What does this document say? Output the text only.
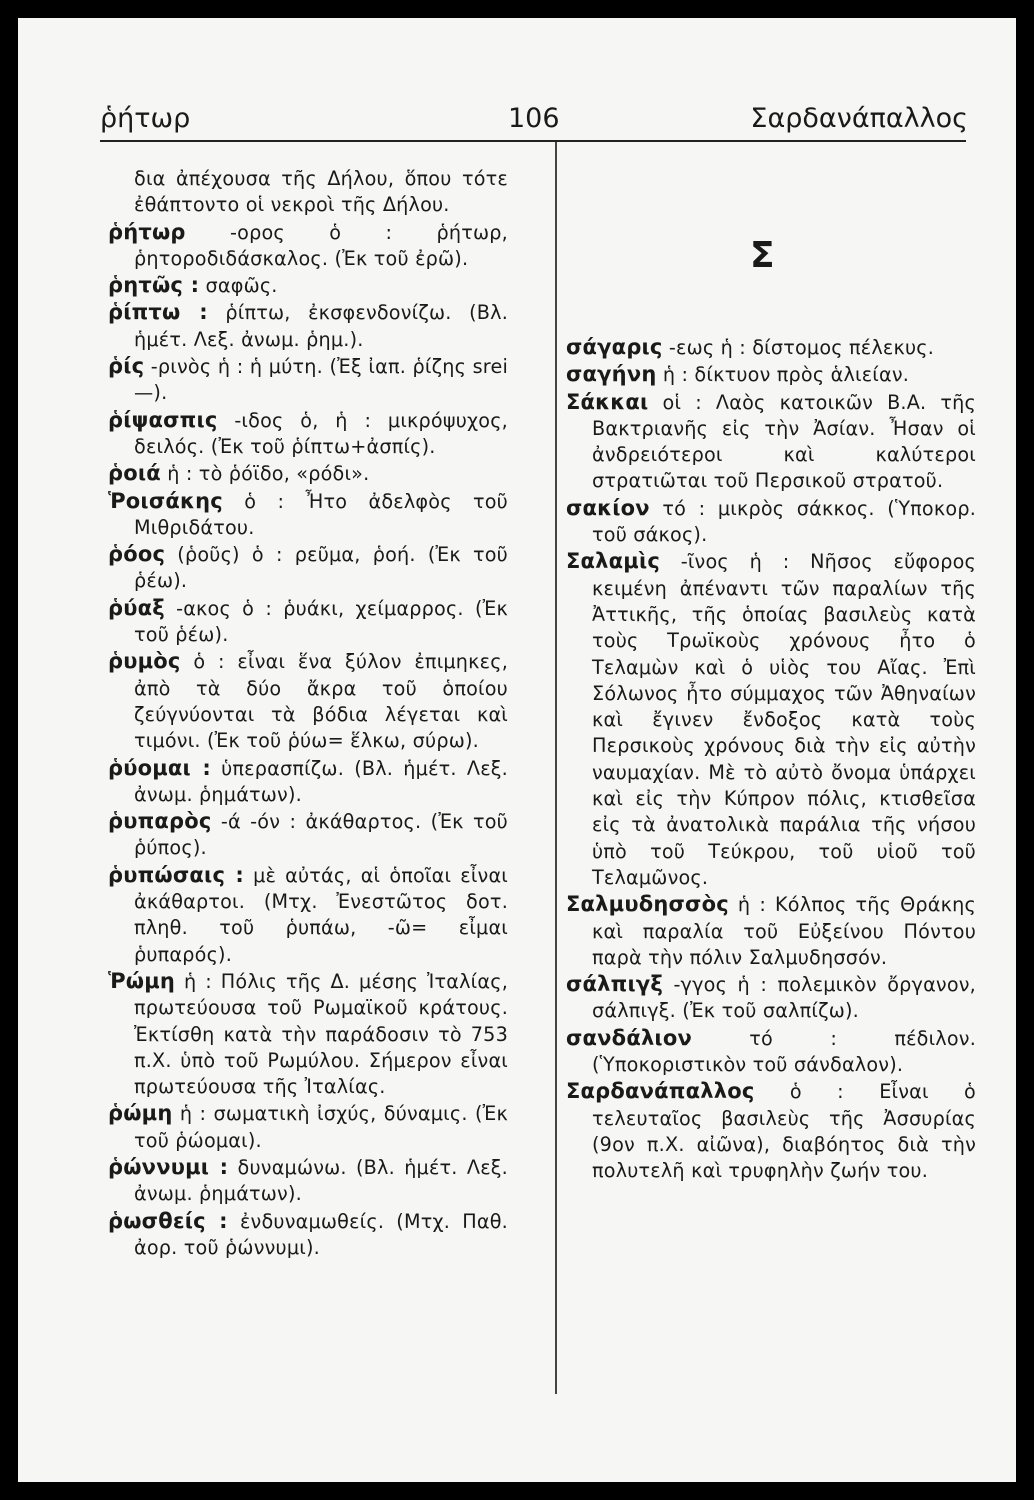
ῥήτωρ	106	Σαρδανάπαλλος

δια ἀπέχουσα τῆς Δήλου, ὅπου τότε ἐθάπτοντο οἱ νεκροὶ τῆς Δήλου.

ῥήτωρ -ορος ὁ : ῥήτωρ, ῥητοροδιδάσκαλος. (Ἐκ τοῦ ἐρῶ).

ῥητῶς : σαφῶς.

ῥίπτω : ῥίπτω, ἐκσφενδονίζω. (Βλ. ἡμέτ. Λεξ. ἀνωμ. ῥημ.).

ῥίς -ρινὸς ἡ : ἡ μύτη. (Ἐξ ἰαπ. ῥίζης srei—).

ῥίψασπις -ιδος ὁ, ἡ : μικρόψυχος, δειλός. (Ἐκ τοῦ ῥίπτω+ἀσπίς).

ῥοιά ἡ : τὸ ῥόϊδο, «ρόδι».

Ῥοισάκης ὁ : Ἦτο ἀδελφὸς τοῦ Μιθριδάτου.

ῥόος (ῥοῦς) ὁ : ρεῦμα, ῥοή. (Ἐκ τοῦ ῥέω).

ῥύαξ -ακος ὁ : ῥυάκι, χείμαρρος. (Ἐκ τοῦ ῥέω).

ῥυμὸς ὁ : εἶναι ἕνα ξύλον ἐπιμηκες, ἀπὸ τὰ δύο ἄκρα τοῦ ὁποίου ζεύγνύονται τὰ βόδια λέγεται καὶ τιμόνι. (Ἐκ τοῦ ῥύω= ἕλκω, σύρω).

ῥύομαι : ὑπερασπίζω. (Βλ. ἡμέτ. Λεξ. ἀνωμ. ῥημάτων).

ῥυπαρὸς -ά -όν : ἀκάθαρτος. (Ἐκ τοῦ ῥύπος).

ῥυπώσαις : μὲ αὐτάς, αἱ ὁποῖαι εἶναι ἀκάθαρτοι. (Μτχ. Ἐνεστῶτος δοτ. πληθ. τοῦ ῥυπάω, -ῶ= εἶμαι ῥυπαρός).

Ῥώμη ἡ : Πόλις τῆς Δ. μέσης Ἰταλίας, πρωτεύουσα τοῦ Ρωμαϊκοῦ κράτους. Ἐκτίσθη κατὰ τὴν παράδοσιν τὸ 753 π.Χ. ὑπὸ τοῦ Ρωμύλου. Σήμερον εἶναι πρωτεύουσα τῆς Ἰταλίας.

ῥώμη ἡ : σωματικὴ ἰσχύς, δύναμις. (Ἐκ τοῦ ῥώομαι).

ῥώννυμι : δυναμώνω. (Βλ. ἡμέτ. Λεξ. ἀνωμ. ῥημάτων).

ῥωσθείς : ἐνδυναμωθείς. (Μτχ. Παθ. ἀορ. τοῦ ῥώννυμι).

Σ

σάγαρις -εως ἡ : δίστομος πέλεκυς.

σαγήνη ἡ : δίκτυον πρὸς ἁλιείαν.

Σάκκαι οἱ : Λαὸς κατοικῶν Β.Α. τῆς Βακτριανῆς εἰς τὴν Ἀσίαν. Ἦσαν οἱ ἀνδρειότεροι καὶ καλύτεροι στρατιῶται τοῦ Περσικοῦ στρατοῦ.

σακίον τό : μικρὸς σάκκος. (Ὑποκορ. τοῦ σάκος).

Σαλαμὶς -ῖνος ἡ : Νῆσος εὔφορος κειμένη ἀπέναντι τῶν παραλίων τῆς Ἀττικῆς, τῆς ὁποίας βασιλεὺς κατὰ τοὺς Τρωϊκοὺς χρόνους ἦτο ὁ Τελαμὼν καὶ ὁ υἱὸς του Αἴας. Ἐπὶ Σόλωνος ἦτο σύμμαχος τῶν Ἀθηναίων καὶ ἔγινεν ἔνδοξος κατὰ τοὺς Περσικοὺς χρόνους διὰ τὴν εἰς αὐτὴν ναυμαχίαν. Μὲ τὸ αὐτὸ ὄνομα ὑπάρχει καὶ εἰς τὴν Κύπρον πόλις, κτισθεῖσα εἰς τὰ ἀνατολικὰ παράλια τῆς νήσου ὑπὸ τοῦ Τεύκρου, τοῦ υἱοῦ τοῦ Τελαμῶνος.

Σαλμυδησσὸς ἡ : Κόλπος τῆς Θράκης καὶ παραλία τοῦ Εὐξείνου Πόντου παρὰ τὴν πόλιν Σαλμυδησσόν.

σάλπιγξ -γγος ἡ : πολεμικὸν ὄργανον, σάλπιγξ. (Ἐκ τοῦ σαλπίζω).

σανδάλιον	τό : πέδιλον. (Ὑποκοριστικὸν τοῦ σάνδαλον).

Σαρδανάπαλλος ὁ : Εἶναι ὁ τελευταῖος βασιλεὺς τῆς Ἀσσυρίας (9ον π.Χ. αἰῶνα), διαβόητος διὰ τὴν πολυτελῆ καὶ τρυφηλὴν ζωήν του.
